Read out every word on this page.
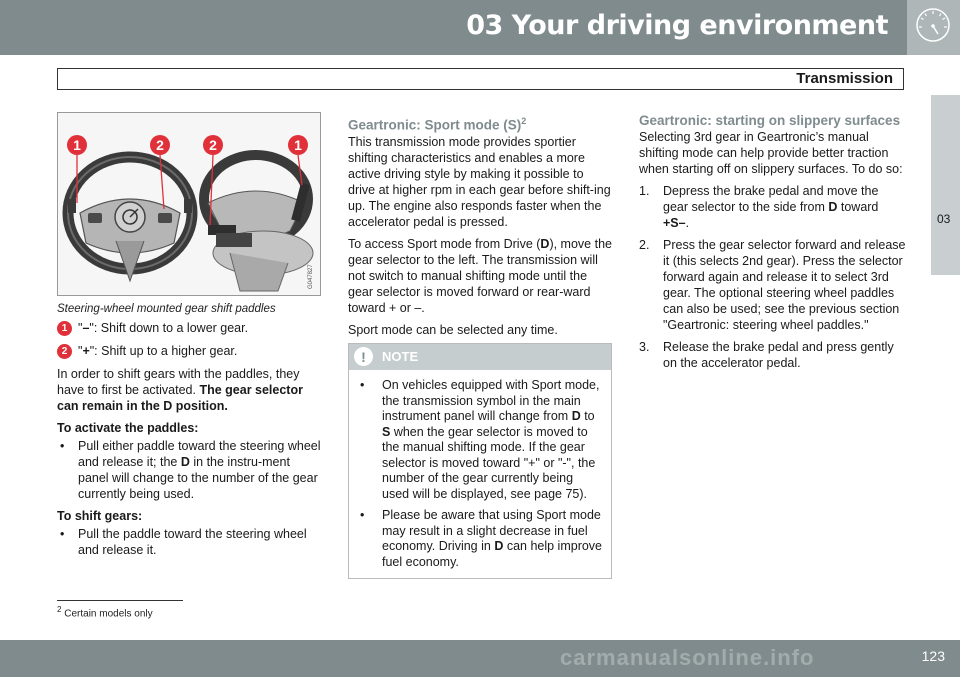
03 Your driving environment
Transmission
03
1	2	2	1
G047827
Steering-wheel mounted gear shift paddles
1 "–": Shift down to a lower gear.
2 "+": Shift up to a higher gear.

In order to shift gears with the paddles, they have to first be activated. The gear selector can remain in the D position.

To activate the paddles:

•	Pull either paddle toward the steering wheel and release it; the D in the instru-ment panel will change to the number of the gear currently being used.

To shift gears:

•	Pull the paddle toward the steering wheel and release it.
Geartronic: Sport mode $(S)^2$

This transmission mode provides sportier shifting characteristics and enables a more active driving style by making it possible to drive at higher rpm in each gear before shift-ing up. The engine also responds faster when the accelerator pedal is pressed.

To access Sport mode from Drive (D), move the gear selector to the left. The transmission will not switch to manual shifting mode until the gear selector is moved forward or rear-ward toward + or –.

Sport mode can be selected any time.

!	NOTE
•	On vehicles equipped with Sport mode, the transmission symbol in the main instrument panel will change from D to S when the gear selector is moved to the manual shifting mode. If the gear selector is moved toward "+" or "-", the number of the gear currently being used will be displayed, see page 75).
•	Please be aware that using Sport mode may result in a slight decrease in fuel economy. Driving in D can help improve fuel economy.
Geartronic: starting on slippery surfaces

Selecting 3rd gear in Geartronic’s manual shifting mode can help provide better traction when starting off on slippery surfaces. To do so:

1.	Depress the brake pedal and move the gear selector to the side from D toward +S–.
2.	Press the gear selector forward and release it (this selects 2nd gear). Press the selector forward again and release it to select 3rd gear. The optional steering wheel paddles can also be used; see the previous section "Geartronic: steering wheel paddles."
3.	Release the brake pedal and press gently on the accelerator pedal.
$^2$ Certain models only
123
carmanualsonline.info
